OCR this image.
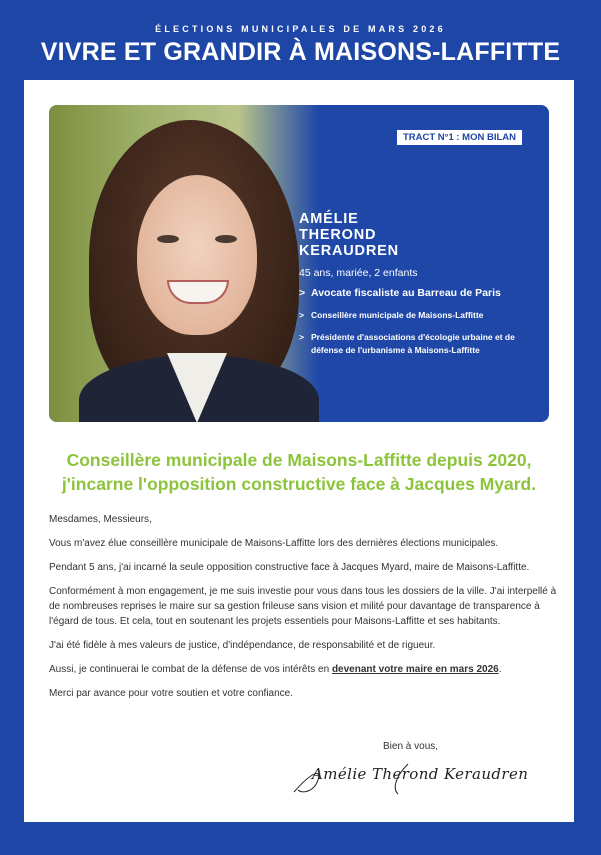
ÉLECTIONS MUNICIPALES DE MARS 2026
VIVRE ET GRANDIR À MAISONS-LAFFITTE
TRACT N°1 : MON BILAN
AMÉLIE
THEROND
KERAUDREN
45 ans, mariée, 2 enfants
> Avocate fiscaliste au Barreau de Paris
> Conseillère municipale de Maisons-Laffitte
> Présidente d'associations d'écologie urbaine et de défense de l'urbanisme à Maisons-Laffitte
Conseillère municipale de Maisons-Laffitte depuis 2020,
j'incarne l'opposition constructive face à Jacques Myard.

Mesdames, Messieurs,

Vous m'avez élue conseillère municipale de Maisons-Laffitte lors des dernières élections municipales.

Pendant 5 ans, j'ai incarné la seule opposition constructive face à Jacques Myard, maire de Maisons-Laffitte.

Conformément à mon engagement, je me suis investie pour vous dans tous les dossiers de la ville. J'ai interpellé à de nombreuses reprises le maire sur sa gestion frileuse sans vision et milité pour davantage de transparence à l'égard de tous. Et cela, tout en soutenant les projets essentiels pour Maisons-Laffitte et ses habitants.

J'ai été fidèle à mes valeurs de justice, d'indépendance, de responsabilité et de rigueur.

Aussi, je continuerai le combat de la défense de vos intérêts en devenant votre maire en mars 2026.

Merci par avance pour votre soutien et votre confiance.

Bien à vous,
Amélie Therond Keraudren
